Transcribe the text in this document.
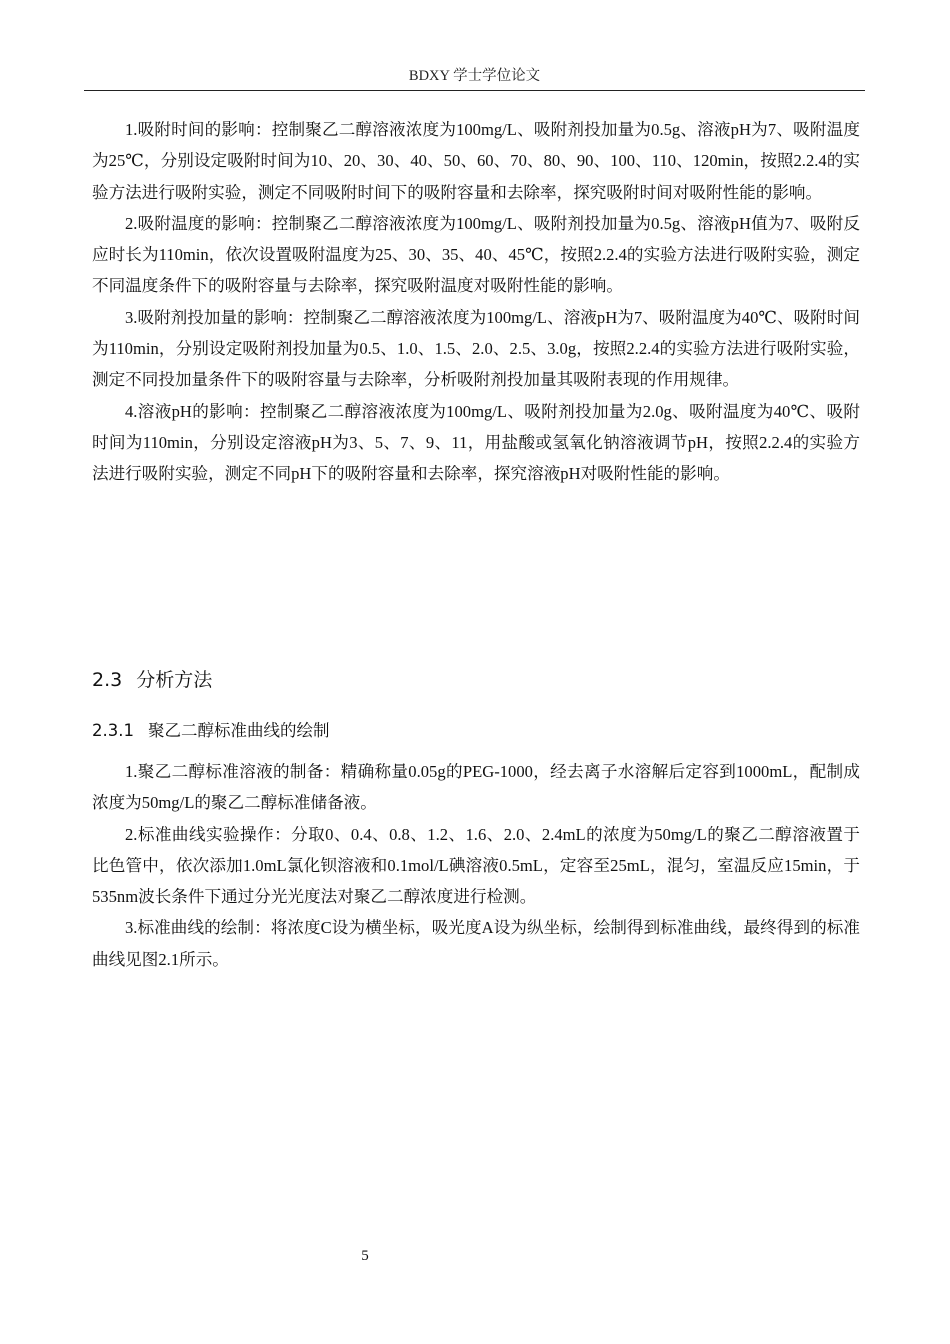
BDXY 学士学位论文

1.吸附时间的影响：控制聚乙二醇溶液浓度为100mg/L、吸附剂投加量为0.5g、溶液pH为7、吸附温度为25℃，分别设定吸附时间为10、20、30、40、50、60、70、80、90、100、110、120min，按照2.2.4的实验方法进行吸附实验，测定不同吸附时间下的吸附容量和去除率，探究吸附时间对吸附性能的影响。

2.吸附温度的影响：控制聚乙二醇溶液浓度为100mg/L、吸附剂投加量为0.5g、溶液pH值为7、吸附反应时长为110min，依次设置吸附温度为25、30、35、40、45℃，按照2.2.4的实验方法进行吸附实验，测定不同温度条件下的吸附容量与去除率，探究吸附温度对吸附性能的影响。

3.吸附剂投加量的影响：控制聚乙二醇溶液浓度为100mg/L、溶液pH为7、吸附温度为40℃、吸附时间为110min，分别设定吸附剂投加量为0.5、1.0、1.5、2.0、2.5、3.0g，按照2.2.4的实验方法进行吸附实验，测定不同投加量条件下的吸附容量与去除率，分析吸附剂投加量其吸附表现的作用规律。

4.溶液pH的影响：控制聚乙二醇溶液浓度为100mg/L、吸附剂投加量为2.0g、吸附温度为40℃、吸附时间为110min，分别设定溶液pH为3、5、7、9、11，用盐酸或氢氧化钠溶液调节pH，按照2.2.4的实验方法进行吸附实验，测定不同pH下的吸附容量和去除率，探究溶液pH对吸附性能的影响。

2.3 分析方法
2.3.1 聚乙二醇标准曲线的绘制

1.聚乙二醇标准溶液的制备：精确称量0.05g的PEG-1000，经去离子水溶解后定容到1000mL，配制成浓度为50mg/L的聚乙二醇标准储备液。

2.标准曲线实验操作：分取0、0.4、0.8、1.2、1.6、2.0、2.4mL的浓度为50mg/L的聚乙二醇溶液置于比色管中，依次添加1.0mL氯化钡溶液和0.1mol/L碘溶液0.5mL，定容至25mL，混匀，室温反应15min，于535nm波长条件下通过分光光度法对聚乙二醇浓度进行检测。

3.标准曲线的绘制：将浓度C设为横坐标，吸光度A设为纵坐标，绘制得到标准曲线，最终得到的标准曲线见图2.1所示。

5
